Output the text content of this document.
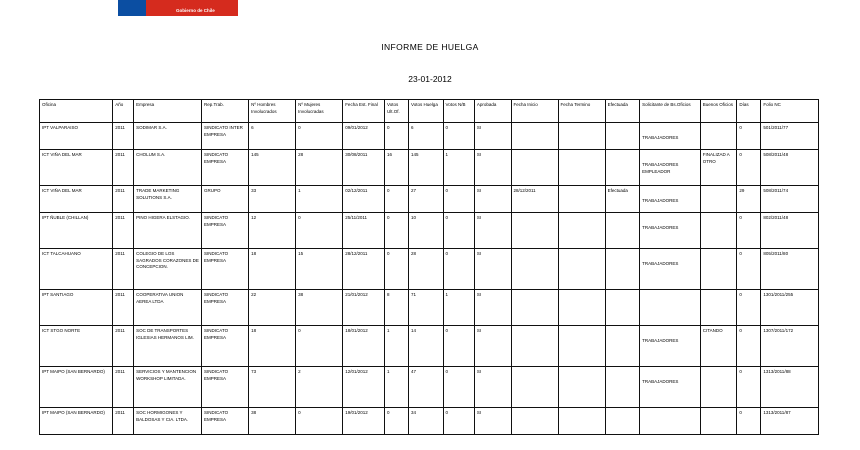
Gobierno de Chile
INFORME DE HUELGA
23-01-2012
Oficina	Año	Empresa	Rep.Trab.	Nº Hombres Involucrados	Nº Mujeres Involucradas	Fecha Est. Final	Votos Ult.Of.	Votos Huelga	Votos N/B	Aprobada	Fecha Inicio	Fecha Termino	Efectuada	Solicitante de Bs.Oficios	Buenos Oficios	Días	Folio NC
IPT VALPARAISO	2011	SODIMAR S.A.	SINDICATO INTER EMPRESA	6	0	09/01/2012	0	6	0	SI				TRABAJADORES		0	501/2011/77
ICT VIÑA DEL MAR	2011	CHOLUM S.A.	SINDICATO EMPRESA	145	28	30/08/2011	16	145	1	SI				TRABAJADORES EMPLEADOR	FINALIZAD A OTRO	0	508/2011/48
ICT VIÑA DEL MAR	2011	TRADE MARKETING SOLUTIONS S.A.	GRUPO	33	1	02/12/2011	0	27	0	SI	28/12/2011		Efectuada	TRABAJADORES		29	508/2011/74
IPT ÑUBLE (CHILLAN)	2011	PINO HIGERA ELSTAGIO.	SINDICATO EMPRESA	12	0	25/11/2011	0	10	0	SI				TRABAJADORES		0	802/2011/48
ICT TALCAHUANO	2011	COLEGIO DE LOS SAGRADOS CORAZONES DE CONCEPCION.	SINDICATO EMPRESA	18	15	28/12/2011	0	28	0	SI				TRABAJADORES		0	805/2011/80
IPT SANTIAGO	2011	COOPERATIVA UNION AEREA LTDA	SINDICATO EMPRESA	22	38	21/01/2012	8	71	1	SI						0	1301/2011/255
ICT STGO NORTE	2011	SOC DE TRANSPORTES IGLESIAS HERMANOS LIM.	SINDICATO EMPRESA	18	0	18/01/2012	1	14	0	SI				TRABAJADORES	CITANDO	0	1307/2011/172
IPT MAIPO (SAN BERNARDO)	2011	SERVICIOS Y MANTENCION WORKSHOP LIMITADA.	SINDICATO EMPRESA	73	2	12/01/2012	1	47	0	SI				TRABAJADORES		0	1313/2011/88
IPT MAIPO (SAN BERNARDO)	2011	SOC HORMIGONES Y BALDOSAS Y CIA. LTDA.	SINDICATO EMPRESA	38	0	19/01/2012	0	34	0	SI						0	1313/2011/87
